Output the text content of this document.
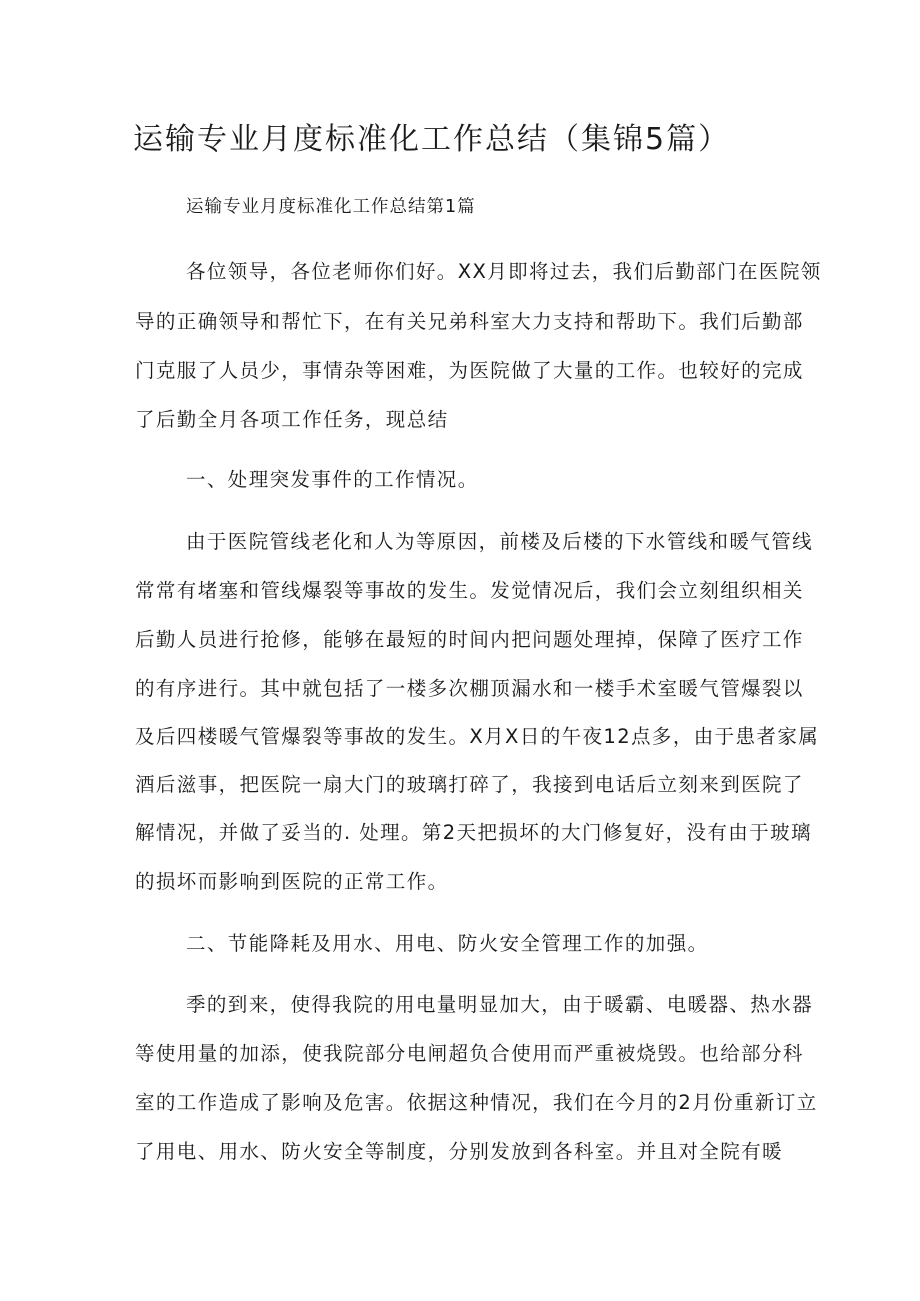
运输专业月度标准化工作总结（集锦5篇）

运输专业月度标准化工作总结第1篇

各位领导，各位老师你们好。XX月即将过去，我们后勤部门在医院领

导的正确领导和帮忙下，在有关兄弟科室大力支持和帮助下。我们后勤部

门克服了人员少，事情杂等困难，为医院做了大量的工作。也较好的完成

了后勤全月各项工作任务，现总结

一、处理突发事件的工作情况。

由于医院管线老化和人为等原因，前楼及后楼的下水管线和暖气管线

常常有堵塞和管线爆裂等事故的发生。发觉情况后，我们会立刻组织相关

后勤人员进行抢修，能够在最短的时间内把问题处理掉，保障了医疗工作

的有序进行。其中就包括了一楼多次棚顶漏水和一楼手术室暖气管爆裂以

及后四楼暖气管爆裂等事故的发生。X月X日的午夜12点多，由于患者家属

酒后滋事，把医院一扇大门的玻璃打碎了，我接到电话后立刻来到医院了

解情况，并做了妥当的. 处理。第2天把损坏的大门修复好，没有由于玻璃

的损坏而影响到医院的正常工作。

二、节能降耗及用水、用电、防火安全管理工作的加强。

季的到来，使得我院的用电量明显加大，由于暖霸、电暖器、热水器

等使用量的加添，使我院部分电闸超负合使用而严重被烧毁。也给部分科

室的工作造成了影响及危害。依据这种情况，我们在今月的2月份重新订立

了用电、用水、防火安全等制度，分别发放到各科室。并且对全院有暖
